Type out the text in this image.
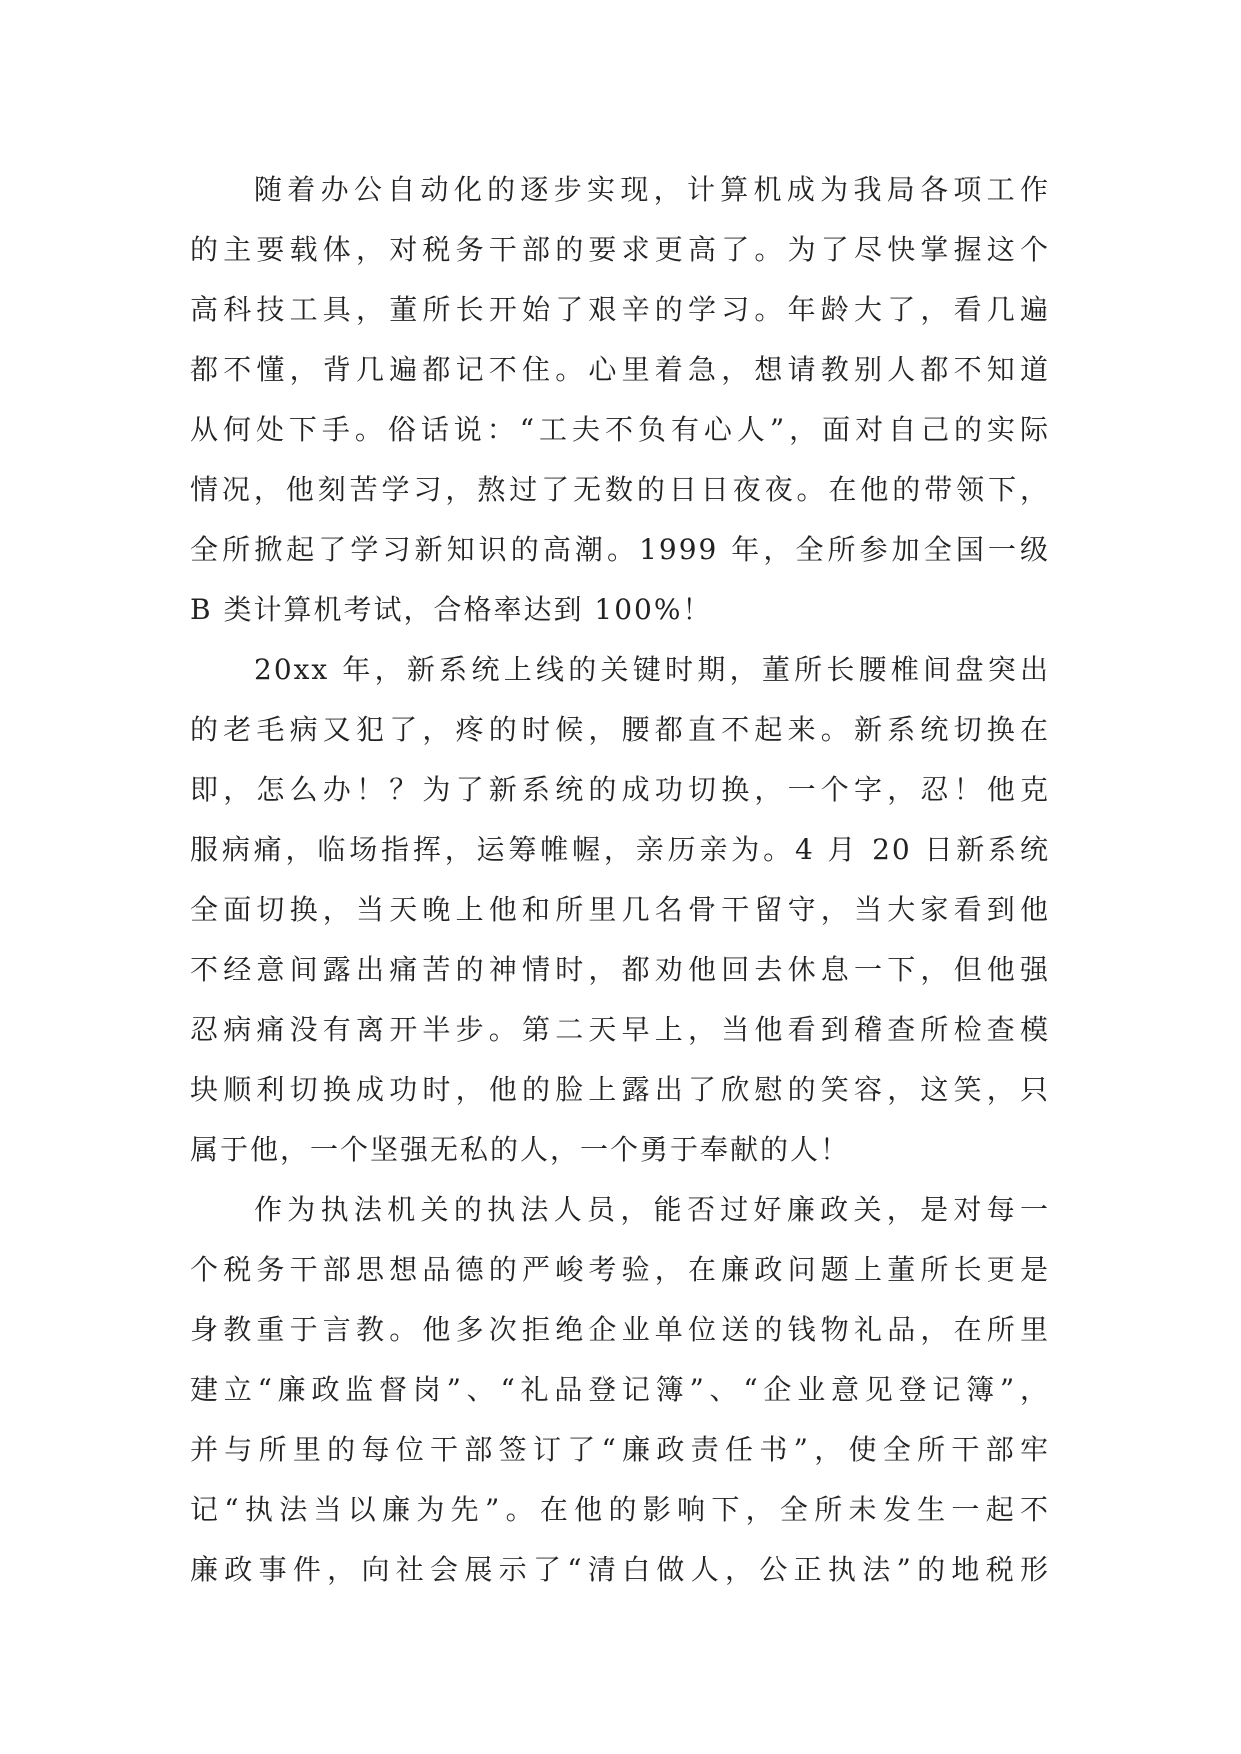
随着办公自动化的逐步实现，计算机成为我局各项工作
的主要载体，对税务干部的要求更高了。为了尽快掌握这个
高科技工具，董所长开始了艰辛的学习。年龄大了，看几遍
都不懂，背几遍都记不住。心里着急，想请教别人都不知道
从何处下手。俗话说：“工夫不负有心人”，面对自己的实际
情况，他刻苦学习，熬过了无数的日日夜夜。在他的带领下，
全所掀起了学习新知识的高潮。1999 年，全所参加全国一级
B 类计算机考试，合格率达到 100%！
20xx 年，新系统上线的关键时期，董所长腰椎间盘突出
的老毛病又犯了，疼的时候，腰都直不起来。新系统切换在
即，怎么办！？为了新系统的成功切换，一个字，忍！他克
服病痛，临场指挥，运筹帷幄，亲历亲为。4 月 20 日新系统
全面切换，当天晚上他和所里几名骨干留守，当大家看到他
不经意间露出痛苦的神情时，都劝他回去休息一下，但他强
忍病痛没有离开半步。第二天早上，当他看到稽查所检查模
块顺利切换成功时，他的脸上露出了欣慰的笑容，这笑，只
属于他，一个坚强无私的人，一个勇于奉献的人！
作为执法机关的执法人员，能否过好廉政关，是对每一
个税务干部思想品德的严峻考验，在廉政问题上董所长更是
身教重于言教。他多次拒绝企业单位送的钱物礼品，在所里
建立“廉政监督岗”、“礼品登记簿”、“企业意见登记簿”，
并与所里的每位干部签订了“廉政责任书”，使全所干部牢
记“执法当以廉为先”。在他的影响下，全所未发生一起不
廉政事件，向社会展示了“清白做人，公正执法”的地税形
